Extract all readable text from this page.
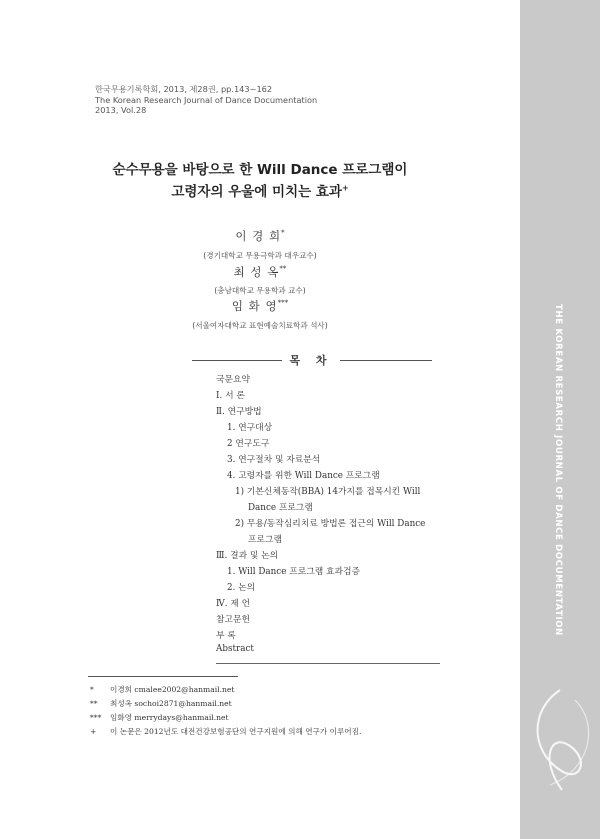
THE KOREAN RESEARCH JOURNAL OF DANCE DOCUMENTATION
한국무용기록학회, 2013, 제28권, pp.143~162
The Korean Research Journal of Dance Documentation
2013, Vol.28
순수무용을 바탕으로 한 Will Dance 프로그램이
고령자의 우울에 미치는 효과+
이 경 희*
(경기대학교 무용극학과 대우교수)
최 성 옥**
(충남대학교 무용학과 교수)
임 화 영***
(서울여자대학교 표현예술치료학과 석사)
목 차
국문요약
Ⅰ. 서 론
Ⅱ. 연구방법
1. 연구대상
2 연구도구
3. 연구절차 및 자료분석
4. 고령자를 위한 Will Dance 프로그램
1) 기본신체동작(BBA) 14가지를 접목시킨 Will
Dance 프로그램
2) 무용/동작심리치료 방법론 접근의 Will Dance
프로그램
Ⅲ. 결과 및 논의
1. Will Dance 프로그램 효과검증
2. 논의
Ⅳ. 제 언
참고문헌
부 록
Abstract
* 이경희 cmalee2002@hanmail.net
** 최성옥 sochoi2871@hanmail.net
*** 임화영 merrydays@hanmail.net
+ 이 논문은 2012년도 대전건강보험공단의 연구지원에 의해 연구가 이루어짐.
